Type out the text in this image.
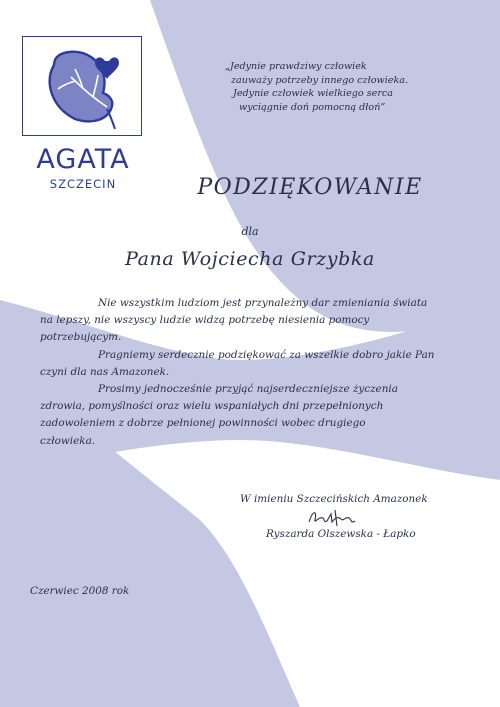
AGATA
SZCZECIN
„Jedynie prawdziwy człowiek
zauważy potrzeby innego człowieka.
Jedynie człowiek wielkiego serca
wyciągnie doń pomocną dłoń”
PODZIĘKOWANIE
dla
Pana Wojciecha Grzybka
Nie wszystkim ludziom jest przynależny dar zmieniania świata
na lepszy, nie wszyscy ludzie widzą potrzebę niesienia pomocy
potrzebującym.
Pragniemy serdecznie podziękować za wszelkie dobro jakie Pan
czyni dla nas Amazonek.
Prosimy jednocześnie przyjąć najserdeczniejsze życzenia
zdrowia, pomyślności oraz wielu wspaniałych dni przepełnionych
zadowoleniem z dobrze pełnionej powinności wobec drugiego
człowieka.
W imieniu Szczecińskich Amazonek
Ryszarda Olszewska - Łapko
Czerwiec 2008 rok
